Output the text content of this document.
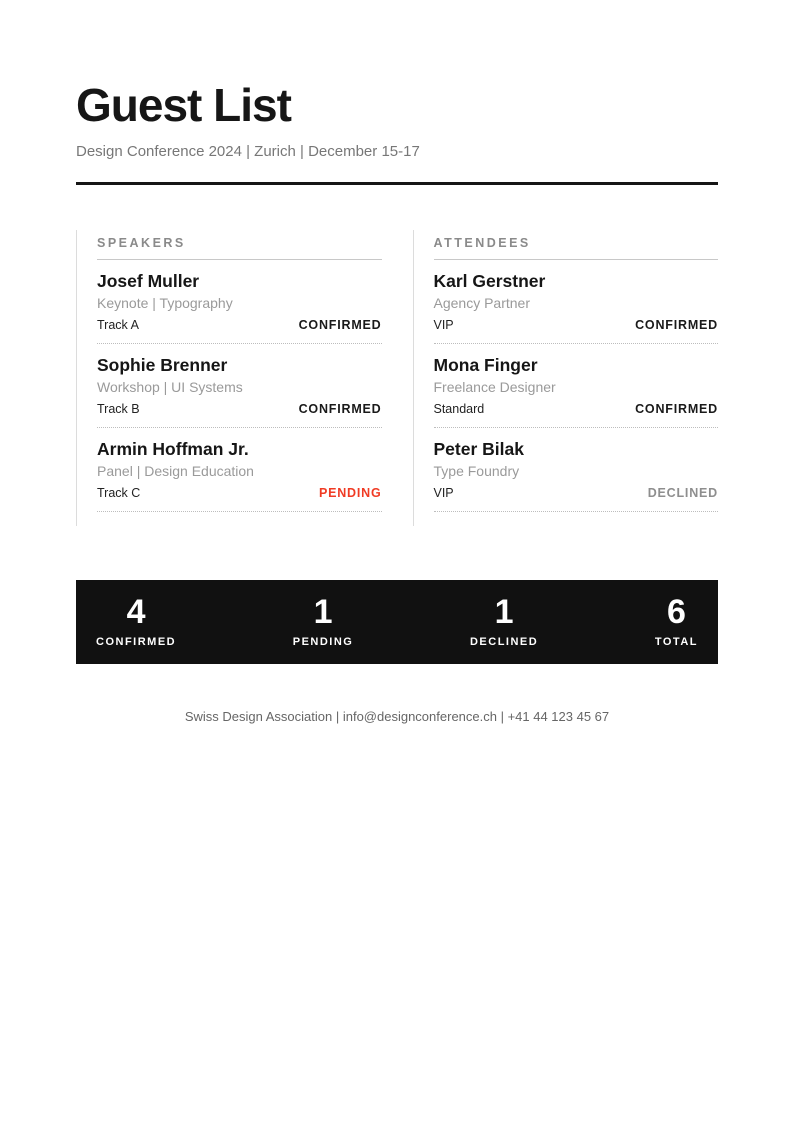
Guest List

Design Conference 2024 | Zurich | December 15-17

SPEAKERS
Josef Muller
Keynote | Typography
Track A	CONFIRMED
Sophie Brenner
Workshop | UI Systems
Track B	CONFIRMED
Armin Hoffman Jr.
Panel | Design Education
Track C	PENDING
ATTENDEES
Karl Gerstner
Agency Partner
VIP	CONFIRMED
Mona Finger
Freelance Designer
Standard	CONFIRMED
Peter Bilak
Type Foundry
VIP	DECLINED
4
CONFIRMED
1
PENDING
1
DECLINED
6
TOTAL
Swiss Design Association | info@designconference.ch | +41 44 123 45 67
